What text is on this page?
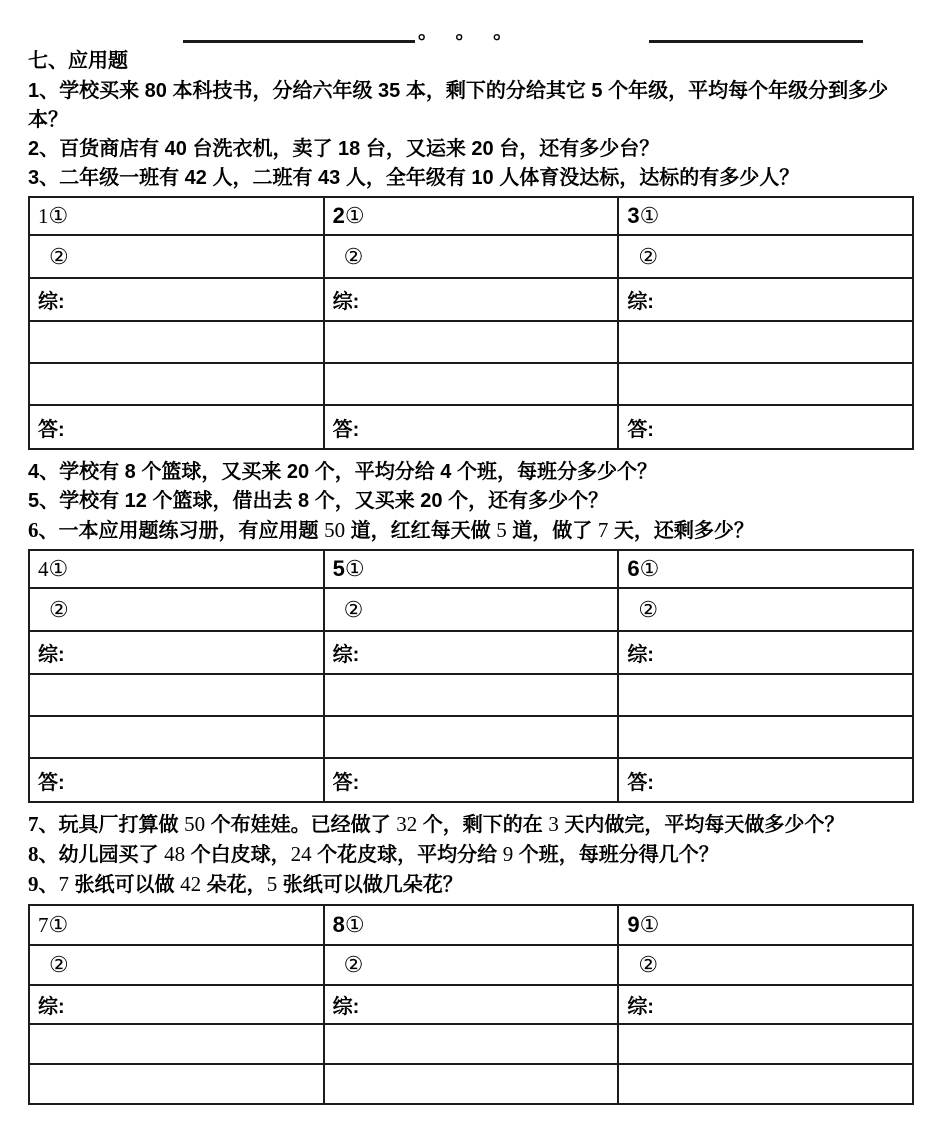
。 。 。
七、应用题

1、学校买来 80 本科技书，分给六年级 35 本，剩下的分给其它 5 个年级，平均每个年级分到多少本？

2、百货商店有 40 台洗衣机，卖了 18 台，又运来 20 台，还有多少台？

3、二年级一班有 42 人，二班有 43 人，全年级有 10 人体育没达标，达标的有多少人？

1①	2①	3①
②	②	②
综:	综:	综:

答:	答:	答:

4、学校有 8 个篮球，又买来 20 个，平均分给 4 个班，每班分多少个？

5、学校有 12 个篮球，借出去 8 个，又买来 20 个，还有多少个？

6、一本应用题练习册，有应用题 50 道，红红每天做 5 道，做了 7 天，还剩多少？

4①	5①	6①
②	②	②
综:	综:	综:

答:	答:	答:

7、玩具厂打算做 50 个布娃娃。已经做了 32 个，剩下的在 3 天内做完，平均每天做多少个？

8、幼儿园买了 48 个白皮球，24 个花皮球，平均分给 9 个班，每班分得几个？

9、7 张纸可以做 42 朵花，5 张纸可以做几朵花？

7①	8①	9①
②	②	②
综:	综:	综:
